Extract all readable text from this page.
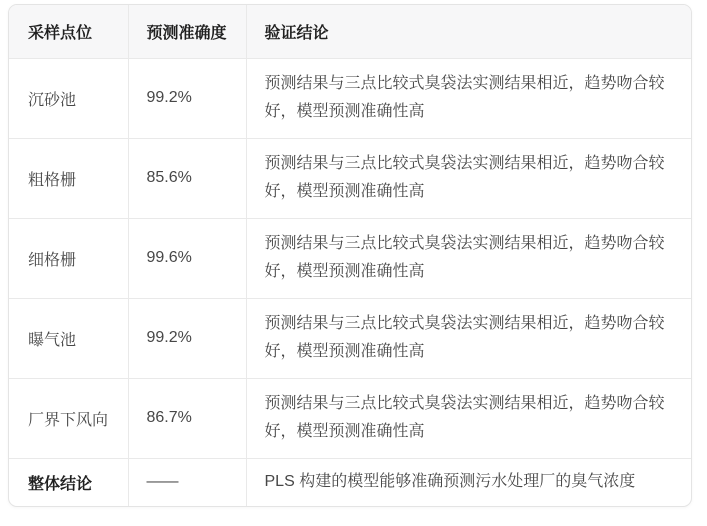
采样点位	预测准确度	验证结论
沉砂池	99.2%	预测结果与三点比较式臭袋法实测结果相近，趋势吻合较好，模型预测准确性高
粗格栅	85.6%	预测结果与三点比较式臭袋法实测结果相近，趋势吻合较好，模型预测准确性高
细格栅	99.6%	预测结果与三点比较式臭袋法实测结果相近，趋势吻合较好，模型预测准确性高
曝气池	99.2%	预测结果与三点比较式臭袋法实测结果相近，趋势吻合较好，模型预测准确性高
厂界下风向	86.7%	预测结果与三点比较式臭袋法实测结果相近，趋势吻合较好，模型预测准确性高
整体结论	——	PLS 构建的模型能够准确预测污水处理厂的臭气浓度
